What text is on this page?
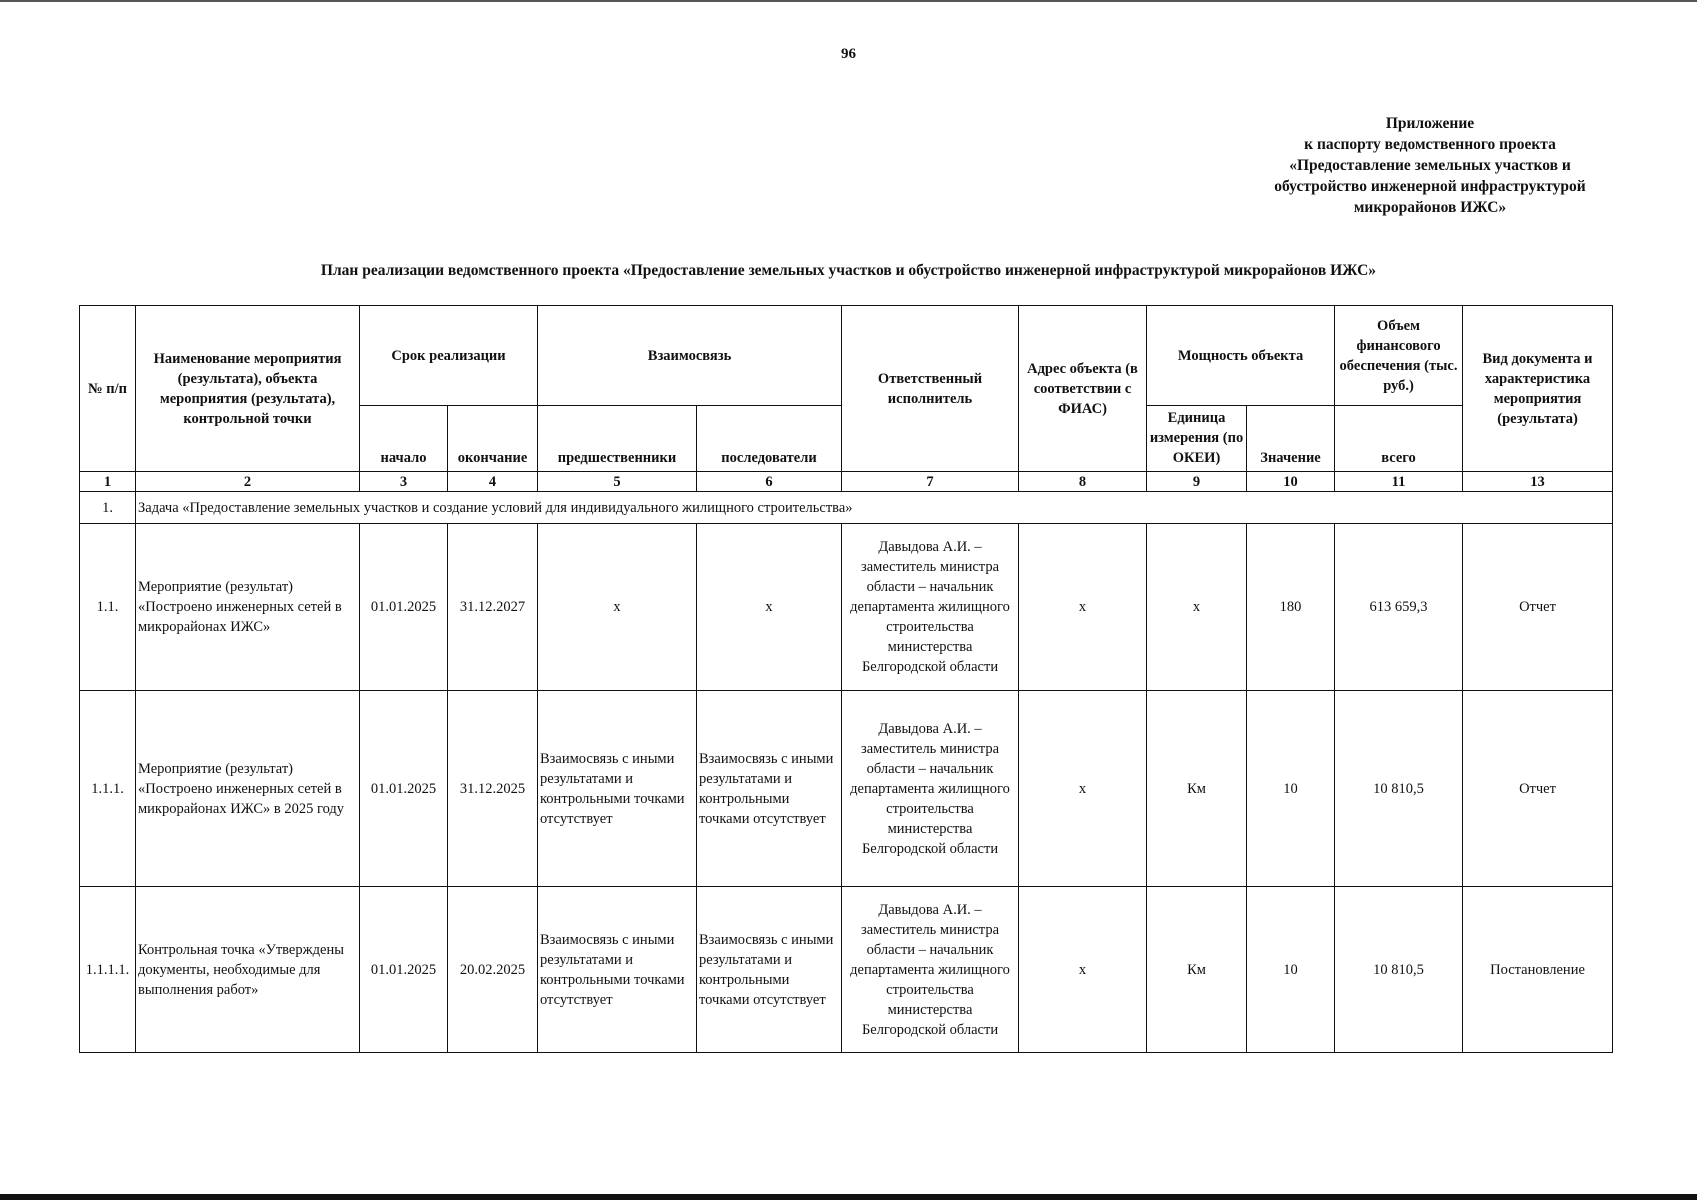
96
Приложение
к паспорту ведомственного проекта
«Предоставление земельных участков и
обустройство инженерной инфраструктурой
микрорайонов ИЖС»
План реализации ведомственного проекта «Предоставление земельных участков и обустройство инженерной инфраструктурой микрорайонов ИЖС»
№ п/п	Наименование мероприятия (результата), объекта мероприятия (результата), контрольной точки	Срок реализации		Взаимосвязь		Ответственный исполнитель	Адрес объекта (в соответствии с ФИАС)	Мощность объекта		Объем финансового обеспечения (тыс. руб.)	Вид документа и характеристика мероприятия (результата)
		начало	окончание	предшественники	последователи			Единица измерения (по ОКЕИ)	Значение	всего	
1	2	3	4	5	6	7	8	9	10	11	13
1.	Задача «Предоставление земельных участков и создание условий для индивидуального жилищного строительства»										
1.1.	Мероприятие (результат) «Построено инженерных сетей в микрорайонах ИЖС»	01.01.2025	31.12.2027	x	x	Давыдова А.И. – заместитель министра области – начальник департамента жилищного строительства министерства Белгородской области	x	x	180	613 659,3	Отчет
1.1.1.	Мероприятие (результат) «Построено инженерных сетей в микрорайонах ИЖС» в 2025 году	01.01.2025	31.12.2025	Взаимосвязь с иными результатами и контрольными точками отсутствует	Взаимосвязь с иными результатами и контрольными точками отсутствует	Давыдова А.И. – заместитель министра области – начальник департамента жилищного строительства министерства Белгородской области	x	Км	10	10 810,5	Отчет
1.1.1.1.	Контрольная точка «Утверждены документы, необходимые для выполнения работ»	01.01.2025	20.02.2025	Взаимосвязь с иными результатами и контрольными точками отсутствует	Взаимосвязь с иными результатами и контрольными точками отсутствует	Давыдова А.И. – заместитель министра области – начальник департамента жилищного строительства министерства Белгородской области	x	Км	10	10 810,5	Постановление
